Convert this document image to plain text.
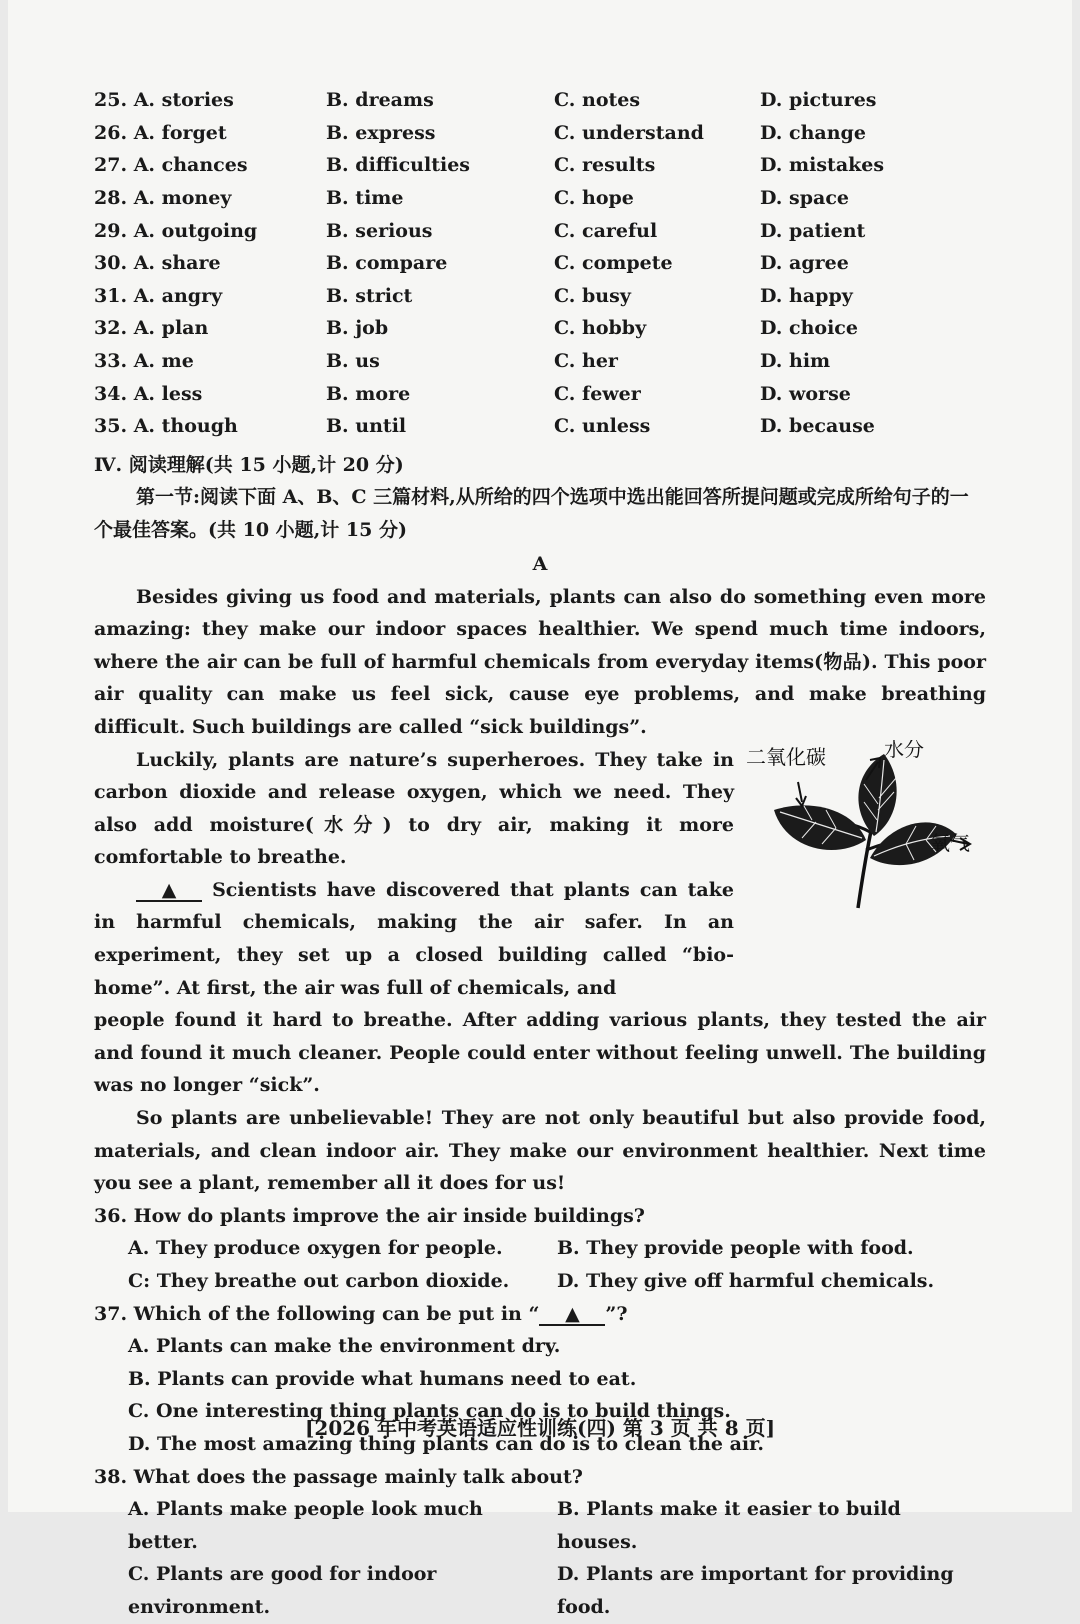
25. A. stories	B. dreams	C. notes	D. pictures
26. A. forget	B. express	C. understand	D. change
27. A. chances	B. difficulties	C. results	D. mistakes
28. A. money	B. time	C. hope	D. space
29. A. outgoing	B. serious	C. careful	D. patient
30. A. share	B. compare	C. compete	D. agree
31. A. angry	B. strict	C. busy	D. happy
32. A. plan	B. job	C. hobby	D. choice
33. A. me	B. us	C. her	D. him
34. A. less	B. more	C. fewer	D. worse
35. A. though	B. until	C. unless	D. because
Ⅳ. 阅读理解(共 15 小题,计 20 分)
第一节:阅读下面 A、B、C 三篇材料,从所给的四个选项中选出能回答所提问题或完成所给句子的一个最佳答案。(共 10 小题,计 15 分)
A

Besides giving us food and materials, plants can also do something even more amazing: they make our indoor spaces healthier. We spend much time indoors, where the air can be full of harmful chemicals from everyday items(物品). This poor air quality can make us feel sick, cause eye problems, and make breathing difficult. Such buildings are called “sick buildings”.

Luckily, plants are nature’s superheroes. They take in carbon dioxide and release oxygen, which we need. They also add moisture(水分) to dry air, making it more comfortable to breathe.

▲ Scientists have discovered that plants can take in harmful chemicals, making the air safer. In an experiment, they set up a closed building called “bio-home”. At first, the air was full of chemicals, and

二氧化碳	水分
氧气

people found it hard to breathe. After adding various plants, they tested the air and found it much cleaner. People could enter without feeling unwell. The building was no longer “sick”.

So plants are unbelievable! They are not only beautiful but also provide food, materials, and clean indoor air. They make our environment healthier. Next time you see a plant, remember all it does for us!

36. How do plants improve the air inside buildings?
A. They produce oxygen for people.	B. They provide people with food.
C: They breathe out carbon dioxide.	D. They give off harmful chemicals.
37. Which of the following can be put in “ ▲ ”?
A. Plants can make the environment dry.
B. Plants can provide what humans need to eat.
C. One interesting thing plants can do is to build things.
D. The most amazing thing plants can do is to clean the air.
38. What does the passage mainly talk about?
A. Plants make people look much better.
B. Plants make it easier to build houses.
C. Plants are good for indoor environment.
D. Plants are important for providing food.
[2026 年中考英语适应性训练(四) 第 3 页 共 8 页]
